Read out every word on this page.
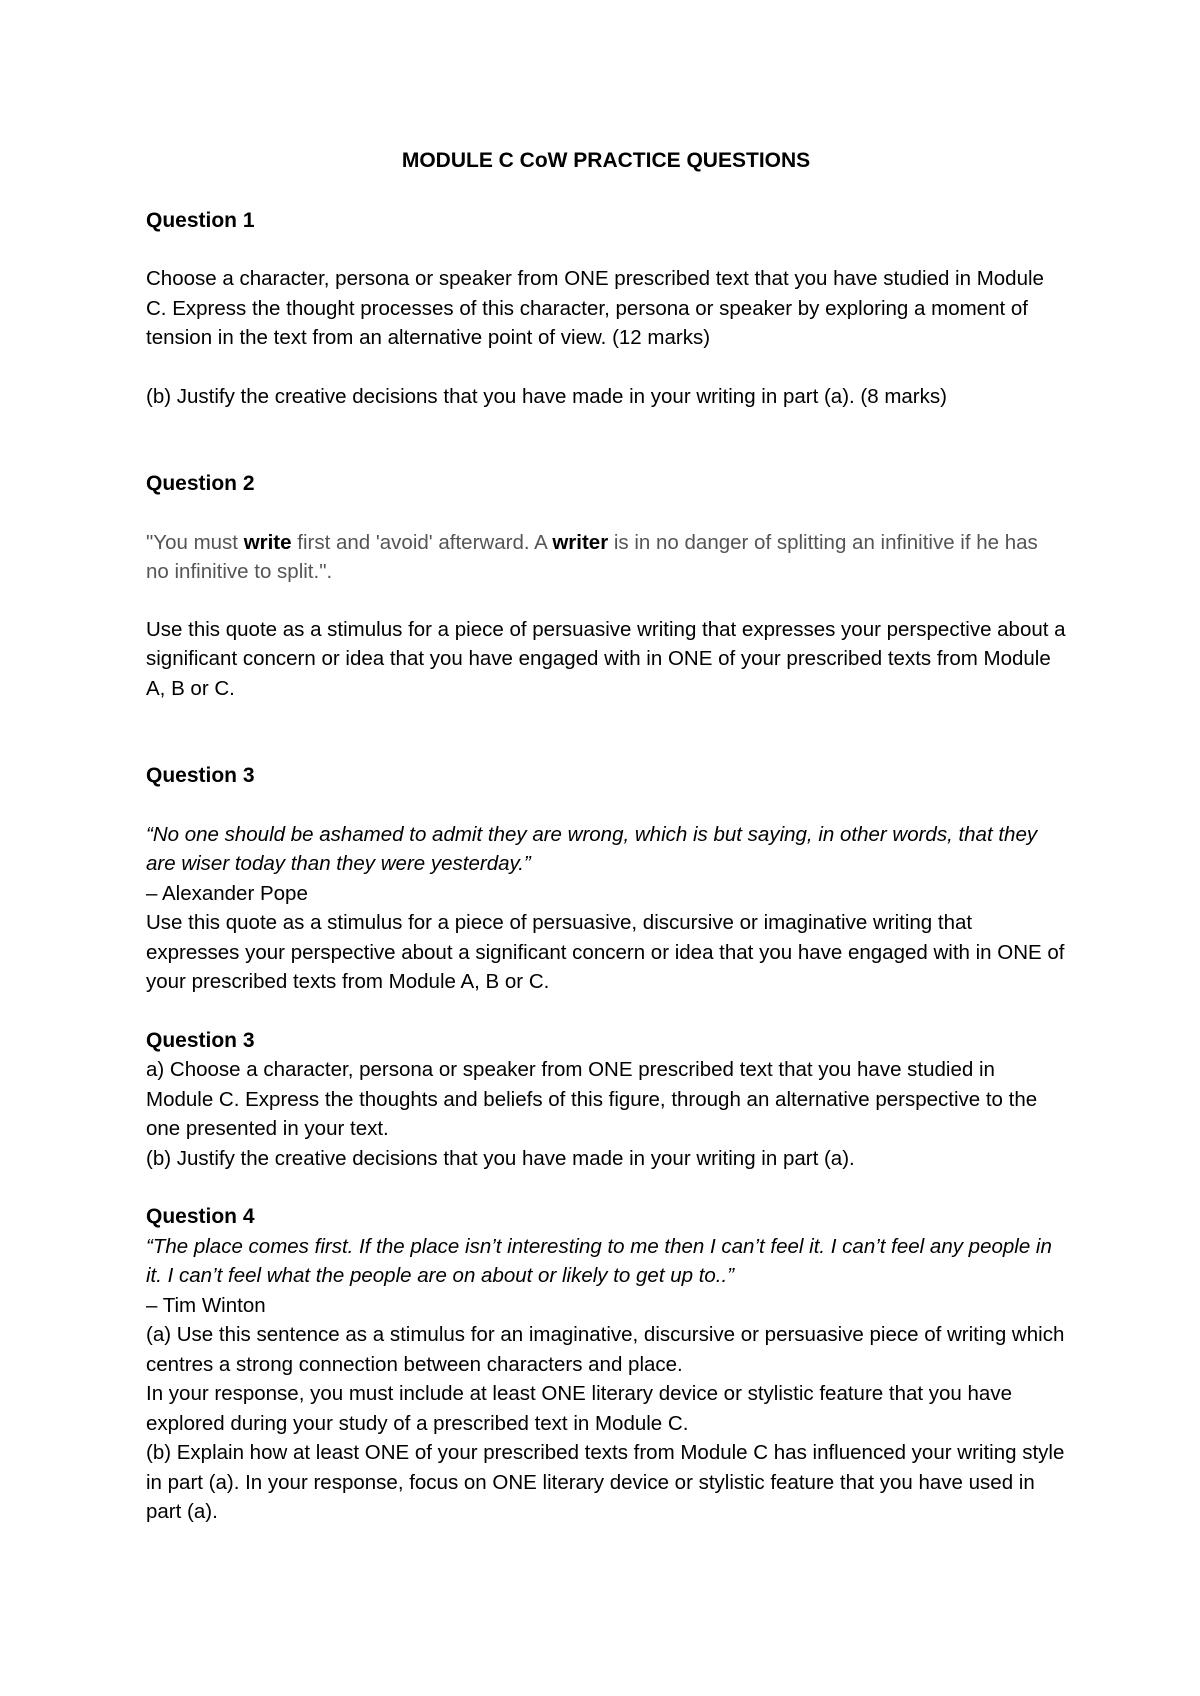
MODULE C CoW PRACTICE QUESTIONS

Question 1

Choose a character, persona or speaker from ONE prescribed text that you have studied in Module C. Express the thought processes of this character, persona or speaker by exploring a moment of tension in the text from an alternative point of view. (12 marks)

(b) Justify the creative decisions that you have made in your writing in part (a). (8 marks)

Question 2

"You must write first and 'avoid' afterward. A writer is in no danger of splitting an infinitive if he has no infinitive to split.".

Use this quote as a stimulus for a piece of persuasive writing that expresses your perspective about a significant concern or idea that you have engaged with in ONE of your prescribed texts from Module A, B or C.

Question 3

“No one should be ashamed to admit they are wrong, which is but saying, in other words, that they are wiser today than they were yesterday.”

– Alexander Pope

Use this quote as a stimulus for a piece of persuasive, discursive or imaginative writing that expresses your perspective about a significant concern or idea that you have engaged with in ONE of your prescribed texts from Module A, B or C.

Question 3

a) Choose a character, persona or speaker from ONE prescribed text that you have studied in Module C. Express the thoughts and beliefs of this figure, through an alternative perspective to the one presented in your text.

(b) Justify the creative decisions that you have made in your writing in part (a).

Question 4

“The place comes first. If the place isn’t interesting to me then I can’t feel it. I can’t feel any people in it. I can’t feel what the people are on about or likely to get up to..”

– Tim Winton

(a) Use this sentence as a stimulus for an imaginative, discursive or persuasive piece of writing which centres a strong connection between characters and place.

In your response, you must include at least ONE literary device or stylistic feature that you have explored during your study of a prescribed text in Module C.

(b) Explain how at least ONE of your prescribed texts from Module C has influenced your writing style in part (a). In your response, focus on ONE literary device or stylistic feature that you have used in part (a).
